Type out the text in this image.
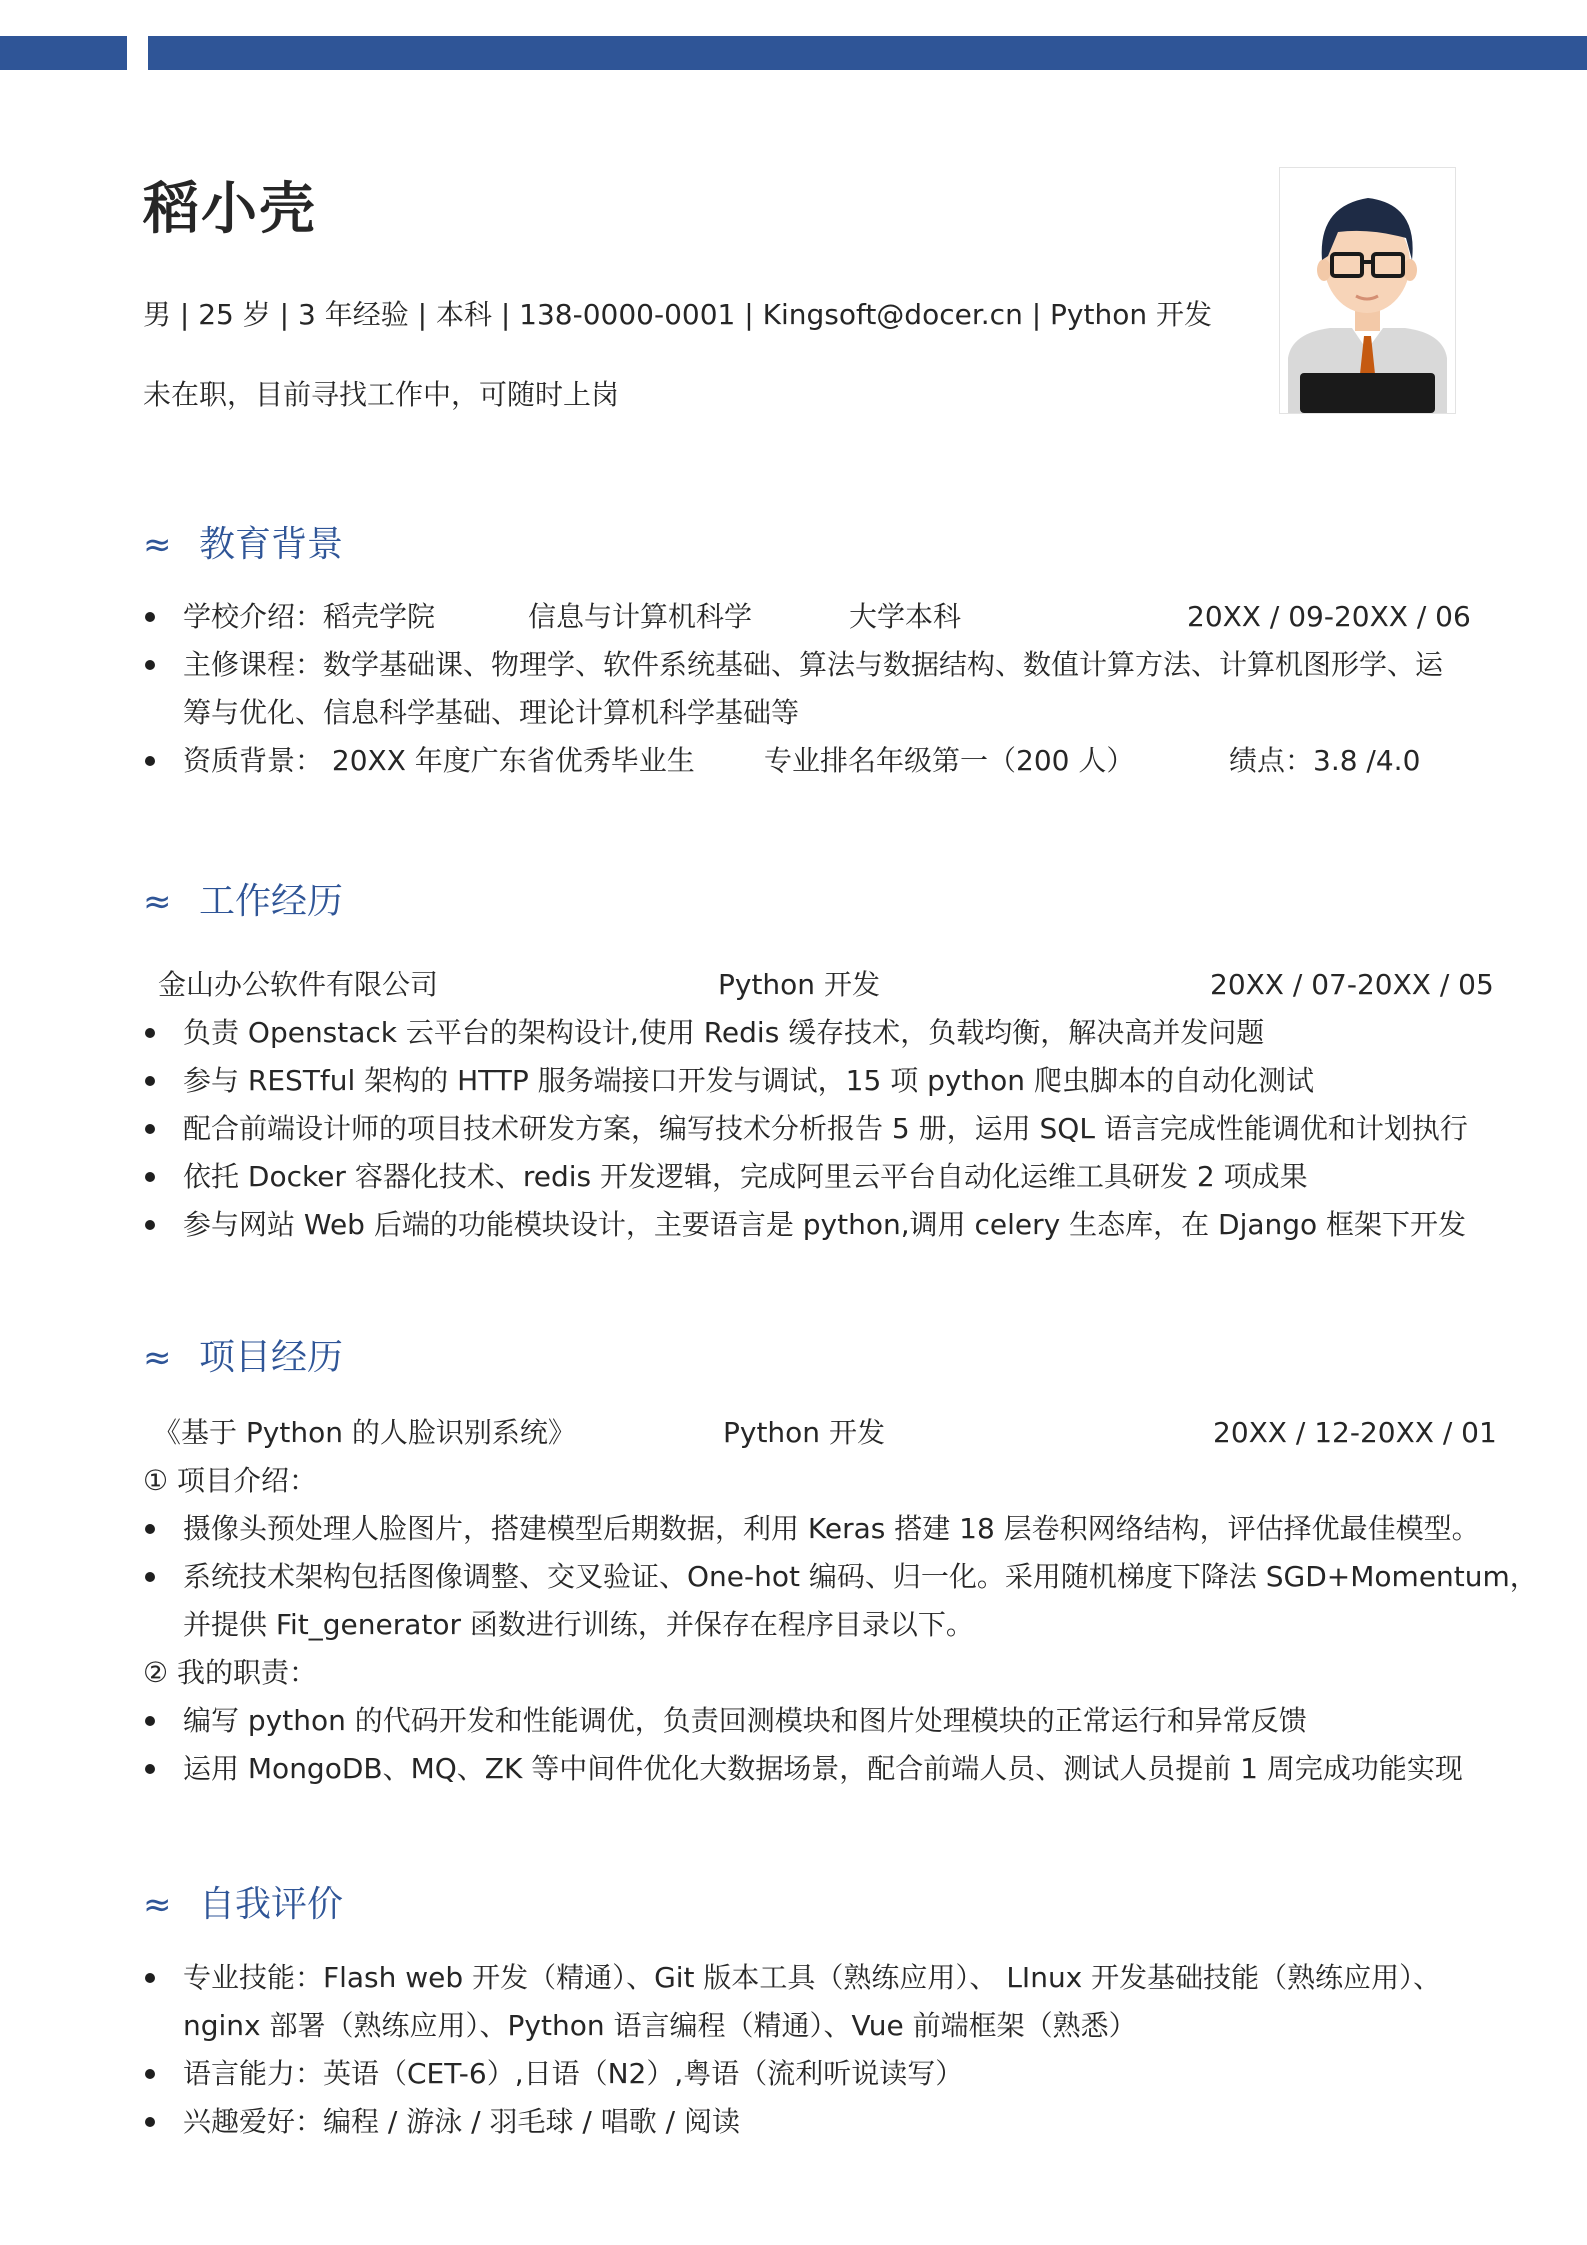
稻小壳
男 | 25 岁 | 3 年经验 | 本科 | 138-0000-0001 | Kingsoft@docer.cn | Python 开发
未在职，目前寻找工作中，可随时上岗
≈ 教育背景
学校介绍：稻壳学院	信息与计算机科学	大学本科	20XX / 09-20XX / 06
主修课程：数学基础课、物理学、软件系统基础、算法与数据结构、数值计算方法、计算机图形学、运
筹与优化、信息科学基础、理论计算机科学基础等
资质背景： 20XX 年度广东省优秀毕业生 专业排名年级第一（200 人）	绩点：3.8 /4.0
≈ 工作经历
金山办公软件有限公司	Python 开发	20XX / 07-20XX / 05
负责 Openstack 云平台的架构设计,使用 Redis 缓存技术，负载均衡，解决高并发问题
参与 RESTful 架构的 HTTP 服务端接口开发与调试，15 项 python 爬虫脚本的自动化测试
配合前端设计师的项目技术研发方案，编写技术分析报告 5 册，运用 SQL 语言完成性能调优和计划执行
依托 Docker 容器化技术、redis 开发逻辑，完成阿里云平台自动化运维工具研发 2 项成果
参与网站 Web 后端的功能模块设计，主要语言是 python,调用 celery 生态库，在 Django 框架下开发
≈ 项目经历
《基于 Python 的人脸识别系统》	Python 开发	20XX / 12-20XX / 01
① 项目介绍：
摄像头预处理人脸图片，搭建模型后期数据，利用 Keras 搭建 18 层卷积网络结构，评估择优最佳模型。
系统技术架构包括图像调整、交叉验证、One-hot 编码、归一化。采用随机梯度下降法 SGD+Momentum，
并提供 Fit_generator 函数进行训练，并保存在程序目录以下。
② 我的职责：
编写 python 的代码开发和性能调优，负责回测模块和图片处理模块的正常运行和异常反馈
运用 MongoDB、MQ、ZK 等中间件优化大数据场景，配合前端人员、测试人员提前 1 周完成功能实现
≈ 自我评价
专业技能：Flash web 开发（精通）、Git 版本工具（熟练应用）、 LInux 开发基础技能（熟练应用）、
nginx 部署（熟练应用）、Python 语言编程（精通）、Vue 前端框架（熟悉）
语言能力：英语（CET-6）,日语（N2）,粤语（流利听说读写）
兴趣爱好：编程 / 游泳 / 羽毛球 / 唱歌 / 阅读
